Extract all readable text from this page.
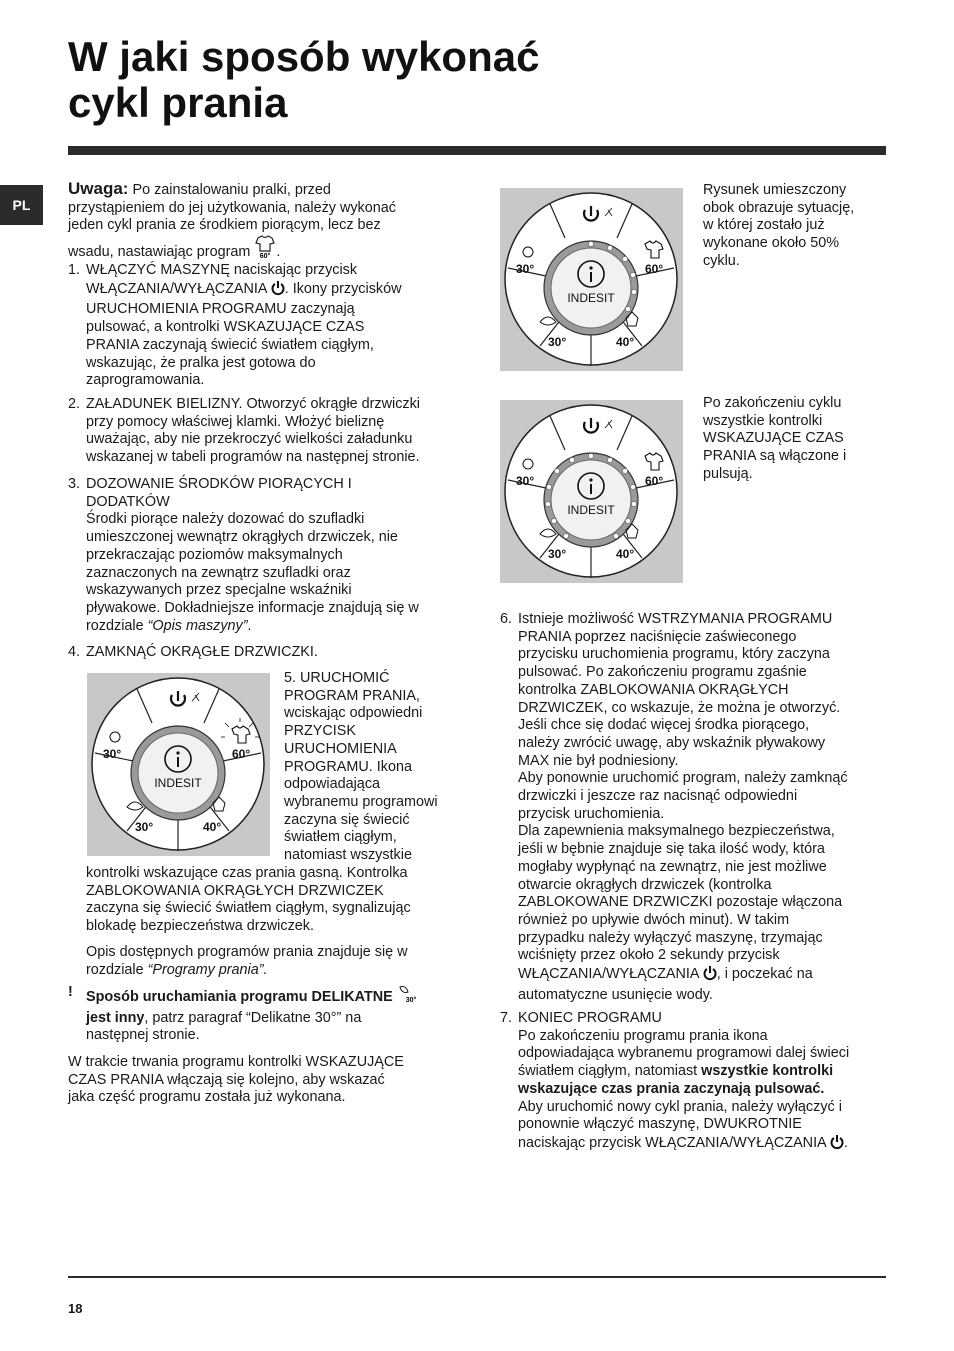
W jaki sposób wykonać
cykl prania
PL
Uwaga: Po zainstalowaniu pralki, przed
przystąpieniem do jej użytkowania, należy wykonać
jeden cykl prania ze środkiem piorącym, lecz bez
wsadu, nastawiając program 60° .
1. WŁĄCZYĆ MASZYNĘ naciskając przycisk
WŁĄCZANIA/WYŁĄCZANIA . Ikony przycisków
URUCHOMIENIA PROGRAMU zaczynają
pulsować, a kontrolki WSKAZUJĄCE CZAS
PRANIA zaczynają świecić światłem ciągłym,
wskazując, że pralka jest gotowa do
zaprogramowania.
2. ZAŁADUNEK BIELIZNY. Otworzyć okrągłe drzwiczki
przy pomocy właściwej klamki. Włożyć bieliznę
uważając, aby nie przekroczyć wielkości załadunku
wskazanej w tabeli programów na następnej stronie.
3. DOZOWANIE ŚRODKÓW PIORĄCYCH I
DODATKÓW
Środki piorące należy dozować do szufladki
umieszczonej wewnątrz okrągłych drzwiczek, nie
przekraczając poziomów maksymalnych
zaznaczonych na zewnątrz szufladki oraz
wskazywanych przez specjalne wskaźniki
pływakowe. Dokładniejsze informacje znajdują się w
rozdziale “Opis maszyny”.
4. ZAMKNĄĆ OKRĄGŁE DRZWICZKI.
INDESIT
30°	60°
30°	40°
5. URUCHOMIĆ
PROGRAM PRANIA,
wciskając odpowiedni
PRZYCISK
URUCHOMIENIA
PROGRAMU. Ikona
odpowiadająca
wybranemu programowi
zaczyna się świecić
światłem ciągłym,
natomiast wszystkie
kontrolki wskazujące czas prania gasną. Kontrolka
ZABLOKOWANIA OKRĄGŁYCH DRZWICZEK
zaczyna się świecić światłem ciągłym, sygnalizując
blokadę bezpieczeństwa drzwiczek.
Opis dostępnych programów prania znajduje się w
rozdziale “Programy prania”.
! Sposób uruchamiania programu DELIKATNE 30°
jest inny, patrz paragraf “Delikatne 30°” na
następnej stronie.
W trakcie trwania programu kontrolki WSKAZUJĄCE
CZAS PRANIA włączają się kolejno, aby wskazać
jaka część programu została już wykonana.
INDESIT
30°	60°
30°	40°
Rysunek umieszczony
obok obrazuje sytuację,
w której zostało już
wykonane około 50%
cyklu.
INDESIT
30°	60°
30°	40°
Po zakończeniu cyklu
wszystkie kontrolki
WSKAZUJĄCE CZAS
PRANIA są włączone i
pulsują.
6. Istnieje możliwość WSTRZYMANIA PROGRAMU
PRANIA poprzez naciśnięcie zaświeconego
przycisku uruchomienia programu, który zaczyna
pulsować. Po zakończeniu programu zgaśnie
kontrolka ZABLOKOWANIA OKRĄGŁYCH
DRZWICZEK, co wskazuje, że można je otworzyć.
Jeśli chce się dodać więcej środka piorącego,
należy zwrócić uwagę, aby wskaźnik pływakowy
MAX nie był podniesiony.
Aby ponownie uruchomić program, należy zamknąć
drzwiczki i jeszcze raz nacisnąć odpowiedni
przycisk uruchomienia.
Dla zapewnienia maksymalnego bezpieczeństwa,
jeśli w bębnie znajduje się taka ilość wody, która
mogłaby wypłynąć na zewnątrz, nie jest możliwe
otwarcie okrągłych drzwiczek (kontrolka
ZABLOKOWANE DRZWICZKI pozostaje włączona
również po upływie dwóch minut). W takim
przypadku należy wyłączyć maszynę, trzymając
wciśnięty przez około 2 sekundy przycisk
WŁĄCZANIA/WYŁĄCZANIA , i poczekać na
automatyczne usunięcie wody.
7. KONIEC PROGRAMU
Po zakończeniu programu prania ikona
odpowiadająca wybranemu programowi dalej świeci
światłem ciągłym, natomiast wszystkie kontrolki
wskazujące czas prania zaczynają pulsować.
Aby uruchomić nowy cykl prania, należy wyłączyć i
ponownie włączyć maszynę, DWUKROTNIE
naciskając przycisk WŁĄCZANIA/WYŁĄCZANIA .
18
